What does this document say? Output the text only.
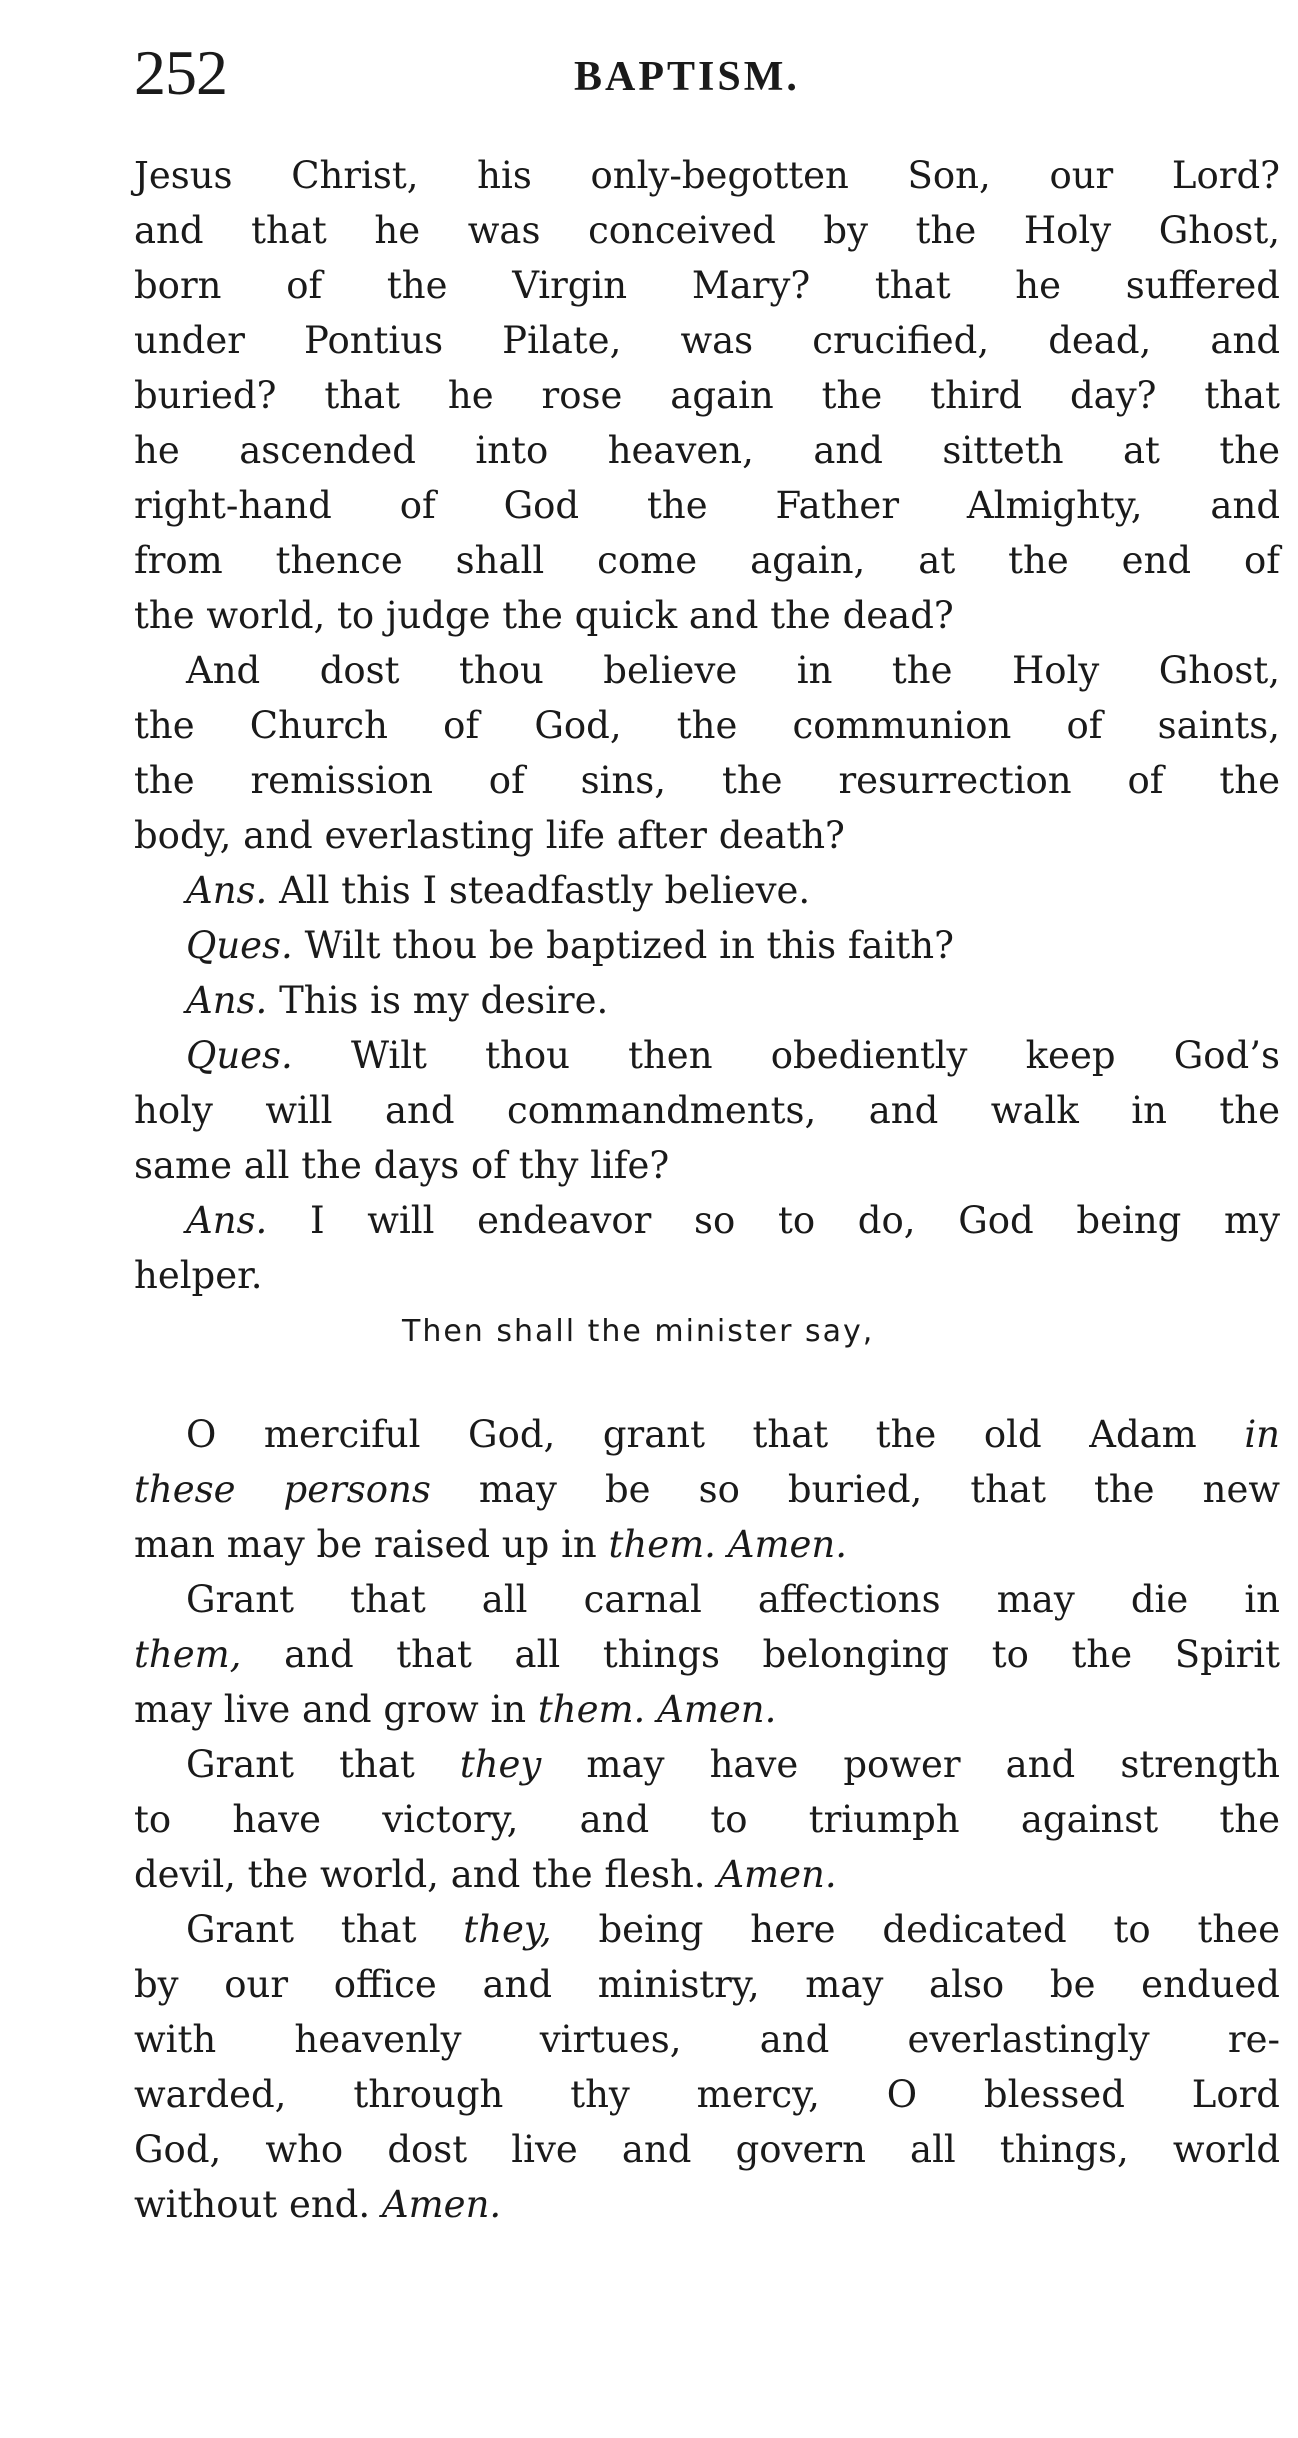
252	BAPTISM.
Jesus Christ, his only-begotten Son, our Lord?
and that he was conceived by the Holy Ghost,
born of the Virgin Mary? that he suffered
under Pontius Pilate, was crucified, dead, and
buried? that he rose again the third day? that
he ascended into heaven, and sitteth at the
right-hand of God the Father Almighty, and
from thence shall come again, at the end of
the world, to judge the quick and the dead?
And dost thou believe in the Holy Ghost,
the Church of God, the communion of saints,
the remission of sins, the resurrection of the
body, and everlasting life after death?
Ans. All this I steadfastly believe.
Ques. Wilt thou be baptized in this faith?
Ans. This is my desire.
Ques. Wilt thou then obediently keep God’s
holy will and commandments, and walk in the
same all the days of thy life?
Ans. I will endeavor so to do, God being my
helper.
Then shall the minister say,
O merciful God, grant that the old Adam in
these persons may be so buried, that the new
man may be raised up in them. Amen.
Grant that all carnal affections may die in
them, and that all things belonging to the Spirit
may live and grow in them. Amen.
Grant that they may have power and strength
to have victory, and to triumph against the
devil, the world, and the flesh. Amen.
Grant that they, being here dedicated to thee
by our office and ministry, may also be endued
with heavenly virtues, and everlastingly re-
warded, through thy mercy, O blessed Lord
God, who dost live and govern all things, world
without end. Amen.
